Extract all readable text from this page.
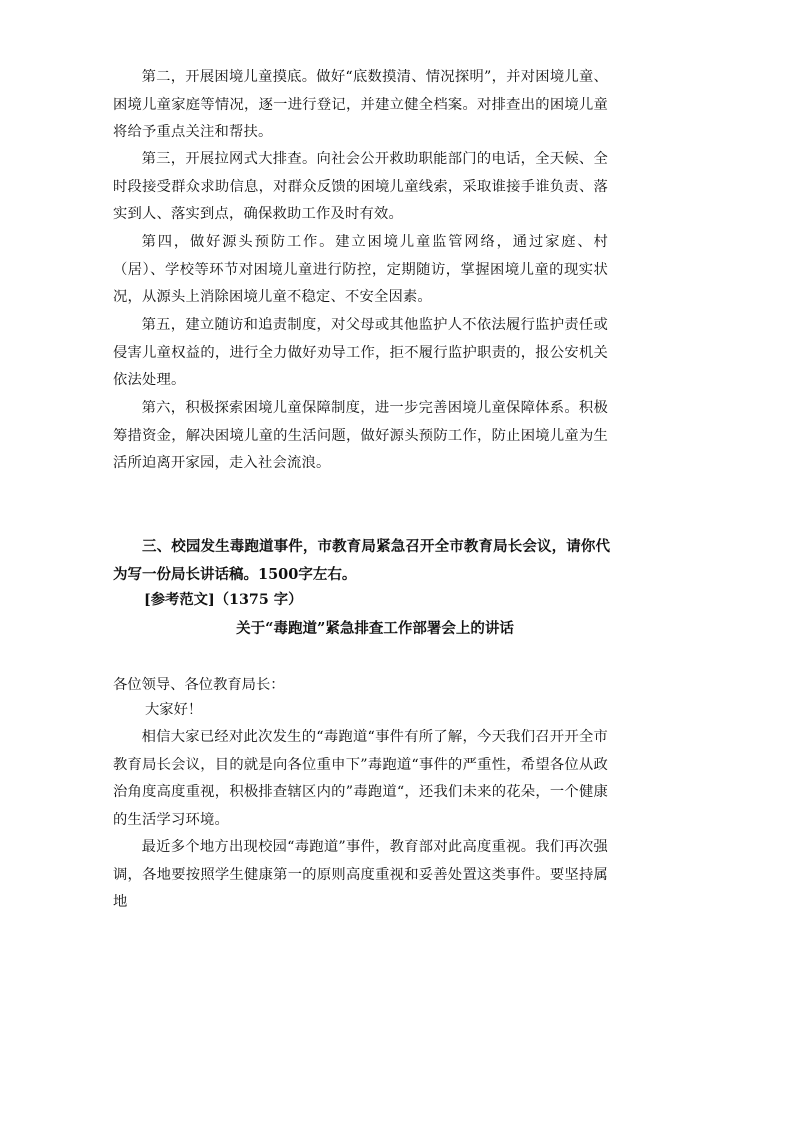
第二，开展困境儿童摸底。做好“底数摸清、情况探明”，并对困境儿童、困境儿童家庭等情况，逐一进行登记，并建立健全档案。对排查出的困境儿童将给予重点关注和帮扶。

第三，开展拉网式大排查。向社会公开救助职能部门的电话，全天候、全时段接受群众求助信息，对群众反馈的困境儿童线索，采取谁接手谁负责、落实到人、落实到点，确保救助工作及时有效。

第四，做好源头预防工作。建立困境儿童监管网络，通过家庭、村（居）、学校等环节对困境儿童进行防控，定期随访，掌握困境儿童的现实状况，从源头上消除困境儿童不稳定、不安全因素。

第五，建立随访和追责制度，对父母或其他监护人不依法履行监护责任或侵害儿童权益的，进行全力做好劝导工作，拒不履行监护职责的，报公安机关依法处理。

第六，积极探索困境儿童保障制度，进一步完善困境儿童保障体系。积极筹措资金，解决困境儿童的生活问题，做好源头预防工作，防止困境儿童为生活所迫离开家园，走入社会流浪。

三、校园发生毒跑道事件，市教育局紧急召开全市教育局长会议，请你代为写一份局长讲话稿。1500字左右。

[参考范文]（1375 字）

关于“毒跑道”紧急排查工作部署会上的讲话

各位领导、各位教育局长：

大家好！

相信大家已经对此次发生的“毒跑道“事件有所了解，今天我们召开开全市教育局长会议，目的就是向各位重申下”毒跑道“事件的严重性，希望各位从政治角度高度重视，积极排查辖区内的”毒跑道“，还我们未来的花朵，一个健康的生活学习环境。

最近多个地方出现校园“毒跑道”事件，教育部对此高度重视。我们再次强调，各地要按照学生健康第一的原则高度重视和妥善处置这类事件。要坚持属地
